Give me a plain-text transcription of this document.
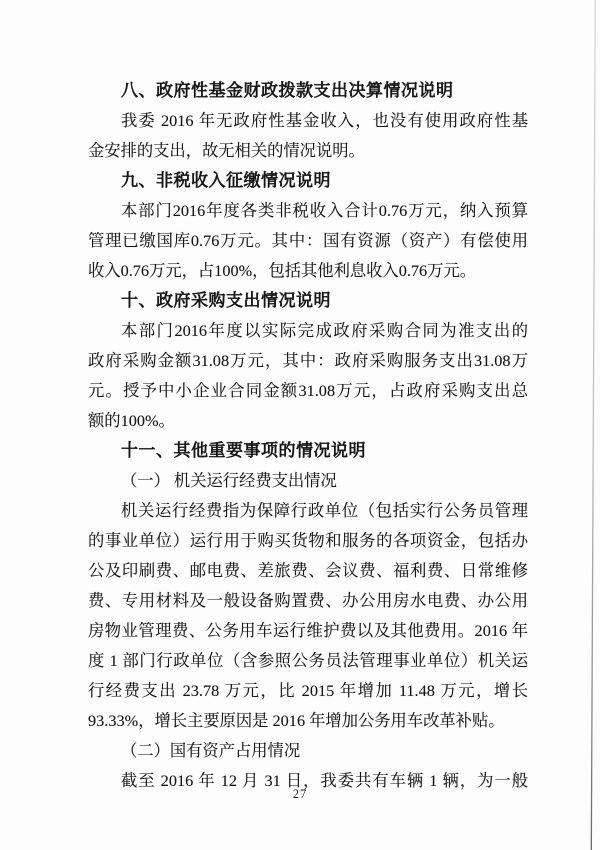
八、政府性基金财政拨款支出决算情况说明
我委 2016 年无政府性基金收入，也没有使用政府性基
金安排的支出，故无相关的情况说明。
九、非税收入征缴情况说明
本部门2016年度各类非税收入合计0.76万元，纳入预算
管理已缴国库0.76万元。其中：国有资源（资产）有偿使用
收入0.76万元，占100%，包括其他利息收入0.76万元。
十、政府采购支出情况说明
本部门2016年度以实际完成政府采购合同为准支出的
政府采购金额31.08万元，其中：政府采购服务支出31.08万
元。授予中小企业合同金额31.08万元，占政府采购支出总
额的100%。
十一、其他重要事项的情况说明
（一） 机关运行经费支出情况
机关运行经费指为保障行政单位（包括实行公务员管理
的事业单位）运行用于购买货物和服务的各项资金，包括办
公及印刷费、邮电费、差旅费、会议费、福利费、日常维修
费、专用材料及一般设备购置费、办公用房水电费、办公用
房物业管理费、公务用车运行维护费以及其他费用。2016 年
度 1 部门行政单位（含参照公务员法管理事业单位）机关运
行经费支出 23.78 万元，比 2015 年增加 11.48 万元，增长
93.33%，增长主要原因是 2016 年增加公务用车改革补贴。
（二）国有资产占用情况
截至 2016 年 12 月 31 日，我委共有车辆 1 辆，为一般
27
